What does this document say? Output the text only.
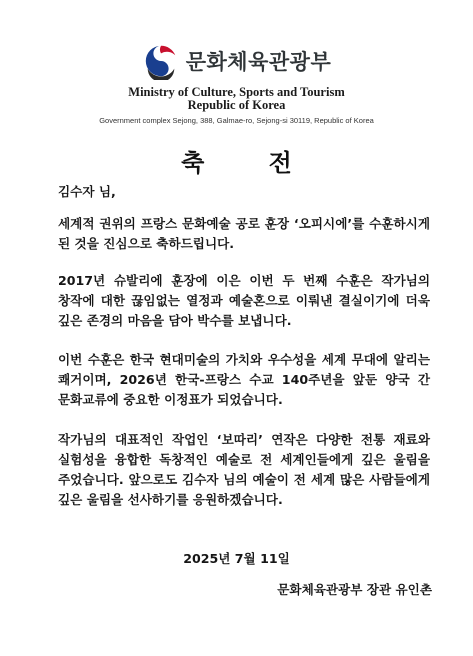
문화체육관광부
Ministry of Culture, Sports and Tourism
Republic of Korea
Government complex Sejong, 388, Galmae-ro, Sejong-si 30119, Republic of Korea
축 전
김수자 님,
세계적 권위의 프랑스 문화예술 공로 훈장 ‘오피시에’를 수훈하시게 된 것을 진심으로 축하드립니다.
2017년 슈발리에 훈장에 이은 이번 두 번째 수훈은 작가님의 창작에 대한 끊임없는 열정과 예술혼으로 이뤄낸 결실이기에 더욱 깊은 존경의 마음을 담아 박수를 보냅니다.
이번 수훈은 한국 현대미술의 가치와 우수성을 세계 무대에 알리는 쾌거이며, 2026년 한국-프랑스 수교 140주년을 앞둔 양국 간 문화교류에 중요한 이정표가 되었습니다.
작가님의 대표적인 작업인 ‘보따리’ 연작은 다양한 전통 재료와 실험성을 융합한 독창적인 예술로 전 세계인들에게 깊은 울림을 주었습니다. 앞으로도 김수자 님의 예술이 전 세계 많은 사람들에게 깊은 울림을 선사하기를 응원하겠습니다.
2025년 7월 11일
문화체육관광부 장관 유인촌
